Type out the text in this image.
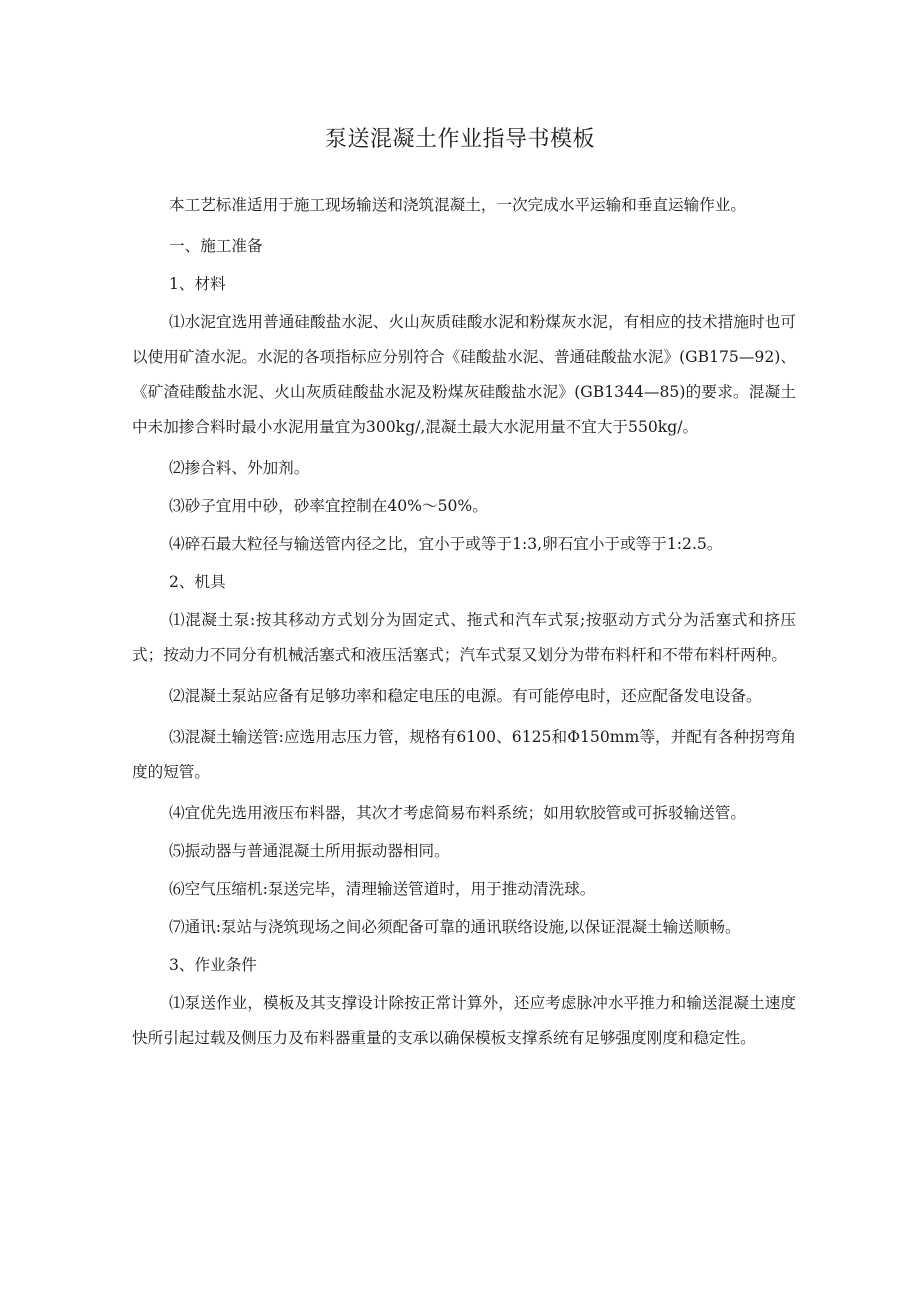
泵送混凝土作业指导书模板

本工艺标准适用于施工现场输送和浇筑混凝土，一次完成水平运输和垂直运输作业。

一、施工准备

1、材料

⑴水泥宜选用普通硅酸盐水泥、火山灰质硅酸水泥和粉煤灰水泥，有相应的技术措施时也可以使用矿渣水泥。水泥的各项指标应分别符合《硅酸盐水泥、普通硅酸盐水泥》(GB175—92)、《矿渣硅酸盐水泥、火山灰质硅酸盐水泥及粉煤灰硅酸盐水泥》(GB1344—85)的要求。混凝土中未加掺合料时最小水泥用量宜为300kg/,混凝土最大水泥用量不宜大于550kg/。

⑵掺合料、外加剂。

⑶砂子宜用中砂，砂率宜控制在40%～50%。

⑷碎石最大粒径与输送管内径之比，宜小于或等于1:3,卵石宜小于或等于1:2.5。

2、机具

⑴混凝土泵:按其移动方式划分为固定式、拖式和汽车式泵;按驱动方式分为活塞式和挤压式；按动力不同分有机械活塞式和液压活塞式；汽车式泵又划分为带布料杆和不带布料杆两种。

⑵混凝土泵站应备有足够功率和稳定电压的电源。有可能停电时，还应配备发电设备。

⑶混凝土输送管:应选用志压力管，规格有6100、6125和Φ150mm等，并配有各种拐弯角度的短管。

⑷宜优先选用液压布料器，其次才考虑简易布料系统；如用软胶管或可拆驳输送管。

⑸振动器与普通混凝土所用振动器相同。

⑹空气压缩机:泵送完毕，清理输送管道时，用于推动清洗球。

⑺通讯:泵站与浇筑现场之间必须配备可靠的通讯联络设施,以保证混凝土输送顺畅。

3、作业条件

⑴泵送作业，模板及其支撑设计除按正常计算外，还应考虑脉冲水平推力和输送混凝土速度快所引起过载及侧压力及布料器重量的支承以确保模板支撑系统有足够强度刚度和稳定性。
